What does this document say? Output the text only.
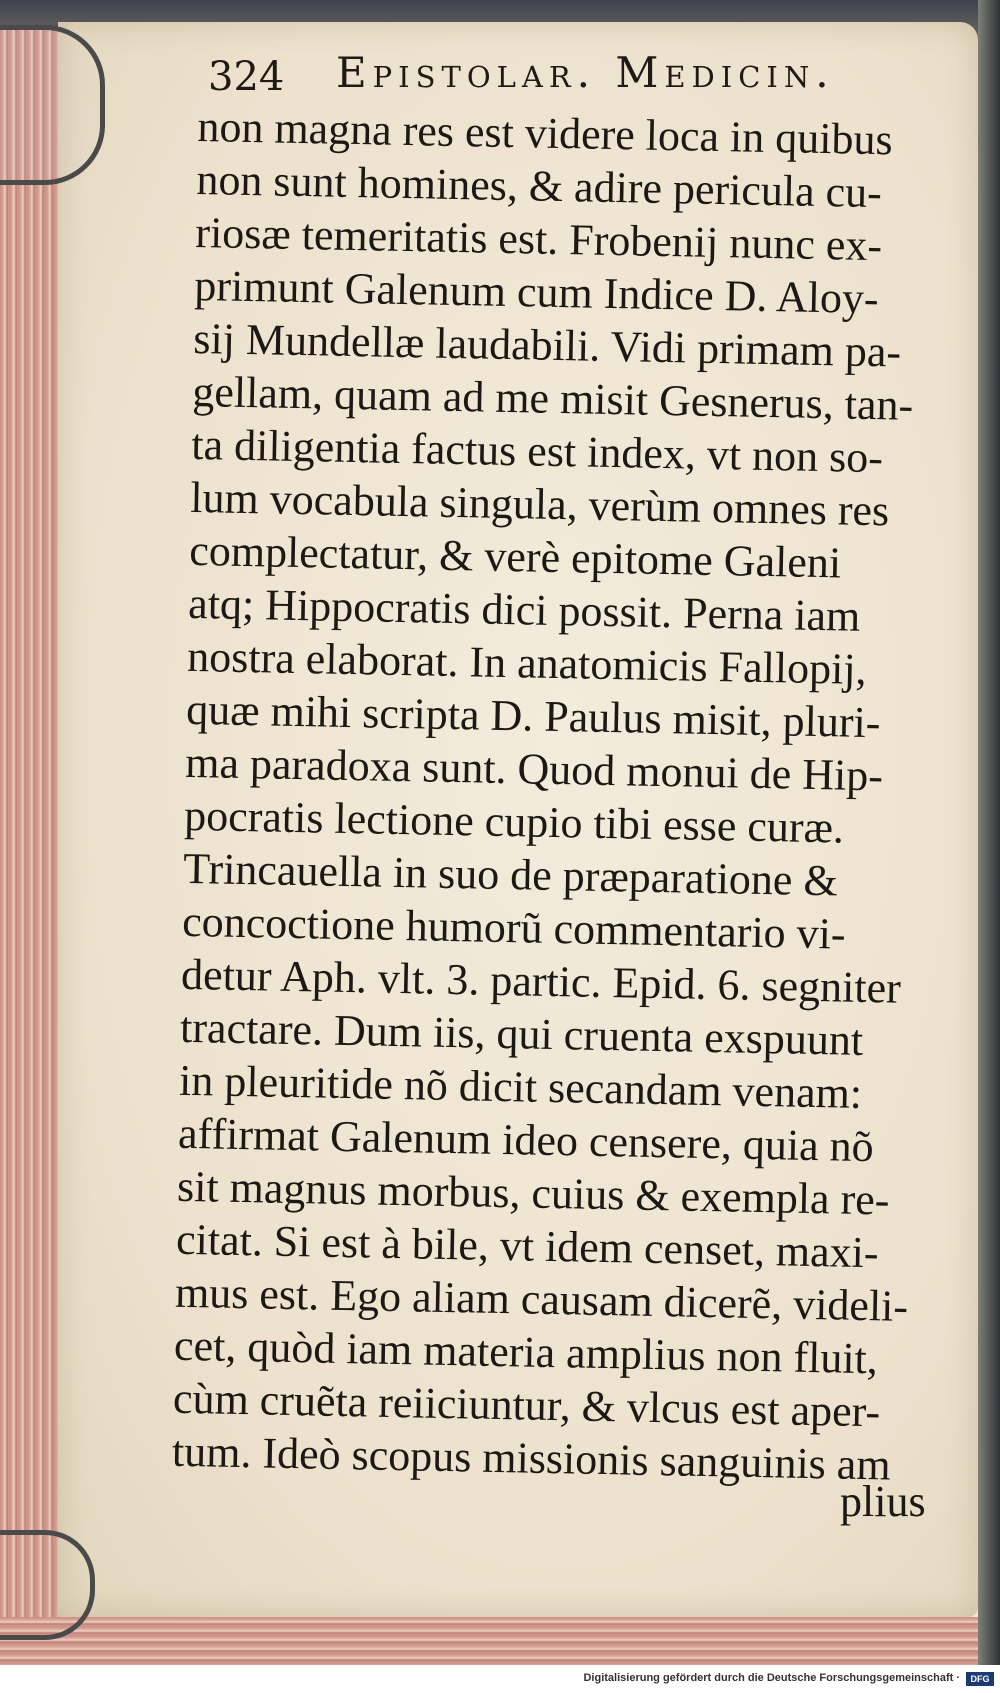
324 Epistolar. Medicin.
non magna res est videre loca in quibus
non sunt homines, & adire pericula cu-
riosæ temeritatis est. Frobenij nunc ex-
primunt Galenum cum Indice D. Aloy-
sij Mundellæ laudabili. Vidi primam pa-
gellam, quam ad me misit Gesnerus, tan-
ta diligentia factus est index, vt non so-
lum vocabula singula, verùm omnes res
complectatur, & verè epitome Galeni
atq; Hippocratis dici possit. Perna iam
nostra elaborat. In anatomicis Fallopij,
quæ mihi scripta D. Paulus misit, pluri-
ma paradoxa sunt. Quod monui de Hip-
pocratis lectione cupio tibi esse curæ.
Trincauella in suo de præparatione &
concoctione humorũ commentario vi-
detur Aph. vlt. 3. partic. Epid. 6. segniter
tractare. Dum iis, qui cruenta exspuunt
in pleuritide nõ dicit secandam venam:
affirmat Galenum ideo censere, quia nõ
sit magnus morbus, cuius & exempla re-
citat. Si est à bile, vt idem censet, maxi-
mus est. Ego aliam causam dicerẽ, videli-
cet, quòd iam materia amplius non fluit,
cùm cruẽta reiiciuntur, & vlcus est aper-
tum. Ideò scopus missionis sanguinis am
plius
Digitalisierung gefördert durch die Deutsche Forschungsgemeinschaft ·	DFG
